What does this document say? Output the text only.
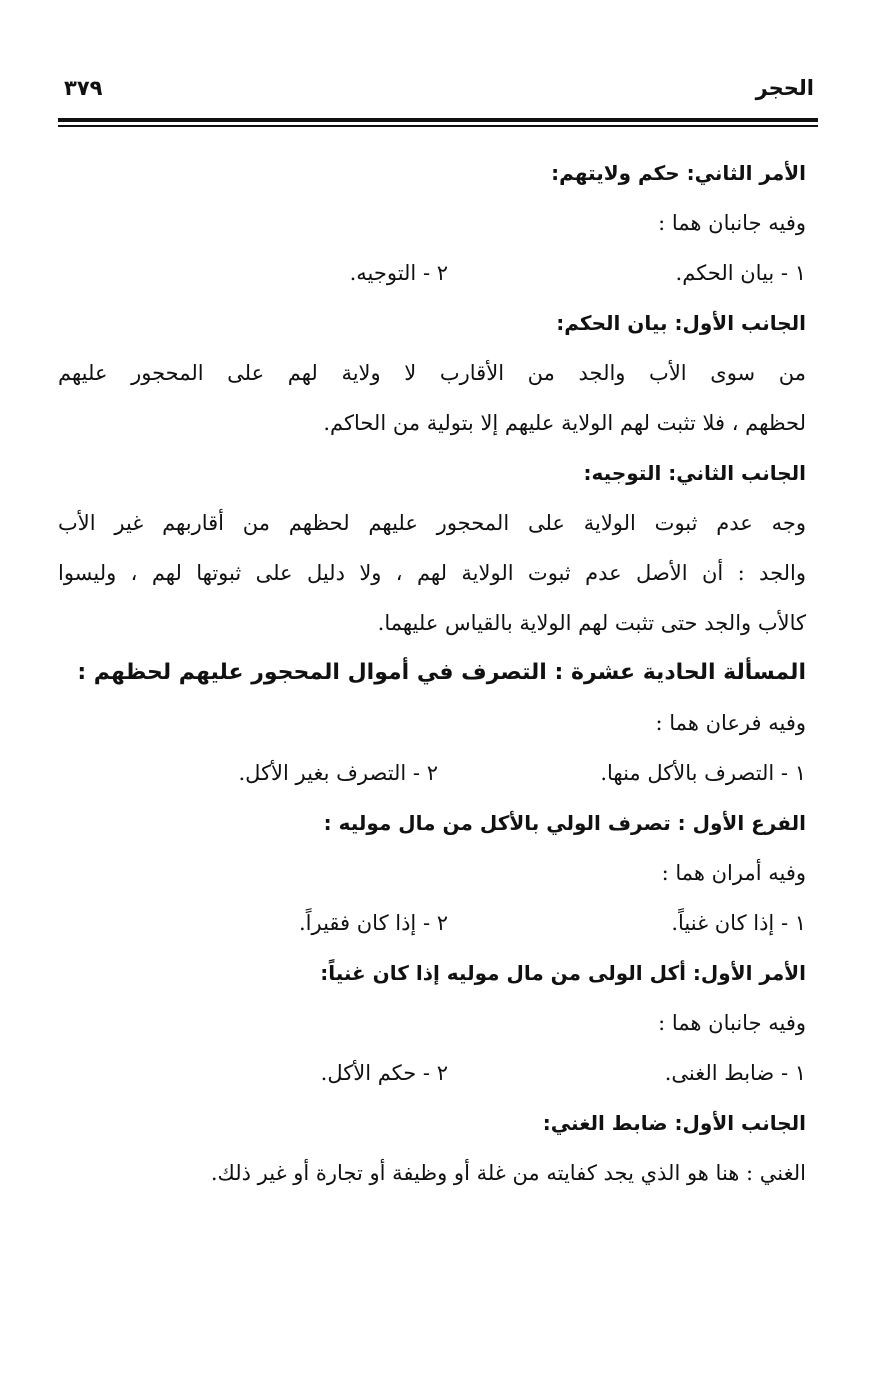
الحجر
٣٧٩
الأمر الثاني: حكم ولايتهم:
وفيه جانبان هما :
١ - بيان الحكم.
٢ - التوجيه.
الجانب الأول: بيان الحكم:
من سوى الأب والجد من الأقارب لا ولاية لهم على المحجور عليهم
لحظهم ، فلا تثبت لهم الولاية عليهم إلا بتولية من الحاكم.
الجانب الثاني: التوجيه:
وجه عدم ثبوت الولاية على المحجور عليهم لحظهم من أقاربهم غير الأب
والجد : أن الأصل عدم ثبوت الولاية لهم ، ولا دليل على ثبوتها لهم ، وليسوا
كالأب والجد حتى تثبت لهم الولاية بالقياس عليهما.
المسألة الحادية عشرة : التصرف في أموال المحجور عليهم لحظهم :
وفيه فرعان هما :
١ - التصرف بالأكل منها.
٢ - التصرف بغير الأكل.
الفرع الأول : تصرف الولي بالأكل من مال موليه :
وفيه أمران هما :
١ - إذا كان غنياً.
٢ - إذا كان فقيراً.
الأمر الأول: أكل الولى من مال موليه إذا كان غنياً:
وفيه جانبان هما :
١ - ضابط الغنى.
٢ - حكم الأكل.
الجانب الأول: ضابط الغني:
الغني : هنا هو الذي يجد كفايته من غلة أو وظيفة أو تجارة أو غير ذلك.
